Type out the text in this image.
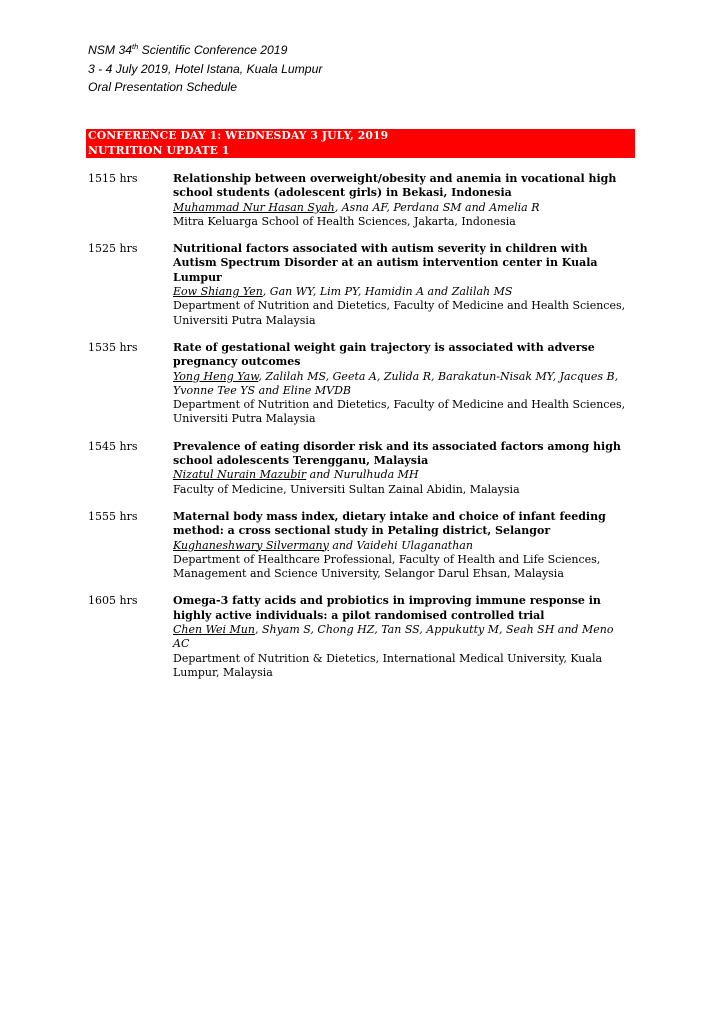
NSM 34th Scientific Conference 2019
3 - 4 July 2019, Hotel Istana, Kuala Lumpur
Oral Presentation Schedule
CONFERENCE DAY 1: WEDNESDAY 3 JULY, 2019
NUTRITION UPDATE 1
1515 hrs	Relationship between overweight/obesity and anemia in vocational high school students (adolescent girls) in Bekasi, Indonesia
Muhammad Nur Hasan Syah, Asna AF, Perdana SM and Amelia R
Mitra Keluarga School of Health Sciences, Jakarta, Indonesia
1525 hrs	Nutritional factors associated with autism severity in children with Autism Spectrum Disorder at an autism intervention center in Kuala Lumpur
Eow Shiang Yen, Gan WY, Lim PY, Hamidin A and Zalilah MS
Department of Nutrition and Dietetics, Faculty of Medicine and Health Sciences, Universiti Putra Malaysia
1535 hrs	Rate of gestational weight gain trajectory is associated with adverse pregnancy outcomes
Yong Heng Yaw, Zalilah MS, Geeta A, Zulida R, Barakatun-Nisak MY, Jacques B, Yvonne Tee YS and Eline MVDB
Department of Nutrition and Dietetics, Faculty of Medicine and Health Sciences, Universiti Putra Malaysia
1545 hrs	Prevalence of eating disorder risk and its associated factors among high school adolescents Terengganu, Malaysia
Nizatul Nurain Mazubir and Nurulhuda MH
Faculty of Medicine, Universiti Sultan Zainal Abidin, Malaysia
1555 hrs	Maternal body mass index, dietary intake and choice of infant feeding method: a cross sectional study in Petaling district, Selangor
Kughaneshwary Silvermany and Vaidehi Ulaganathan
Department of Healthcare Professional, Faculty of Health and Life Sciences, Management and Science University, Selangor Darul Ehsan, Malaysia
1605 hrs	Omega-3 fatty acids and probiotics in improving immune response in highly active individuals: a pilot randomised controlled trial
Chen Wei Mun, Shyam S, Chong HZ, Tan SS, Appukutty M, Seah SH and Meno AC
Department of Nutrition & Dietetics, International Medical University, Kuala Lumpur, Malaysia
